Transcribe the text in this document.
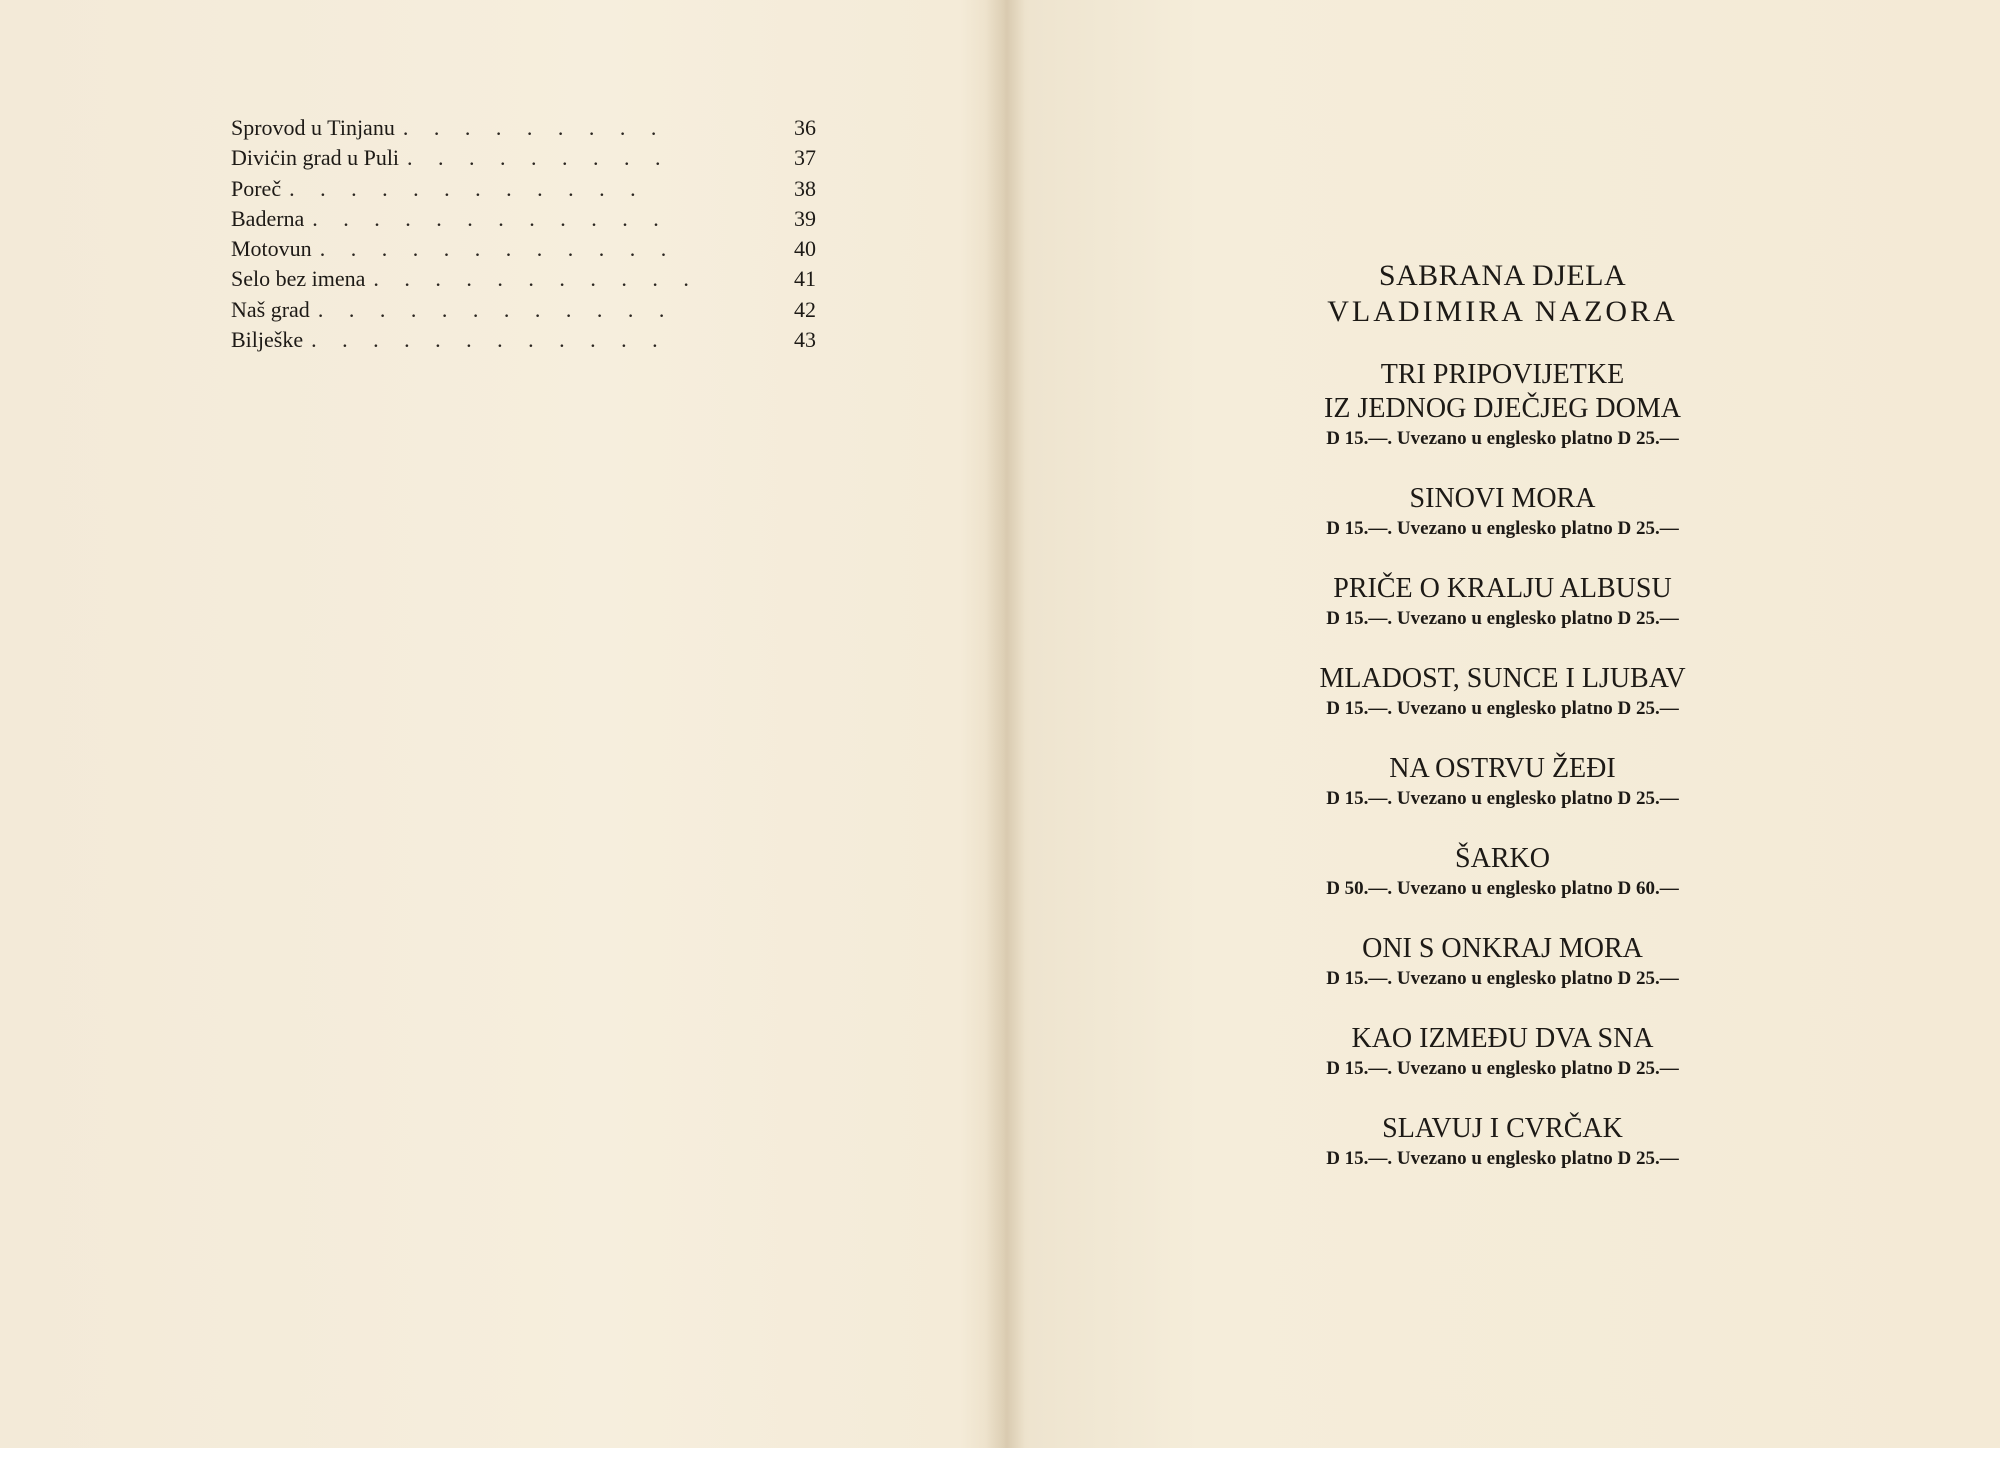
Sprovod u Tinjanu . . . . . . . . .	36
Diviċin grad u Puli . . . . . . . . .	37
Poreč . . . . . . . . . . . .	38
Baderna . . . . . . . . . . . .	39
Motovun . . . . . . . . . . . .	40
Selo bez imena . . . . . . . . . . .	41
Naš grad . . . . . . . . . . . .	42
Bilješke . . . . . . . . . . . .	43
SABRANA DJELA
VLADIMIRA NAZORA
TRI PRIPOVIJETKE
IZ JEDNOG DJEČJEG DOMA
D 15.—. Uvezano u englesko platno D 25.—
SINOVI MORA
D 15.—. Uvezano u englesko platno D 25.—
PRIČE O KRALJU ALBUSU
D 15.—. Uvezano u englesko platno D 25.—
MLADOST, SUNCE I LJUBAV
D 15.—. Uvezano u englesko platno D 25.—
NA OSTRVU ŽEĐI
D 15.—. Uvezano u englesko platno D 25.—
ŠARKO
D 50.—. Uvezano u englesko platno D 60.—
ONI S ONKRAJ MORA
D 15.—. Uvezano u englesko platno D 25.—
KAO IZMEĐU DVA SNA
D 15.—. Uvezano u englesko platno D 25.—
SLAVUJ I CVRČAK
D 15.—. Uvezano u englesko platno D 25.—
